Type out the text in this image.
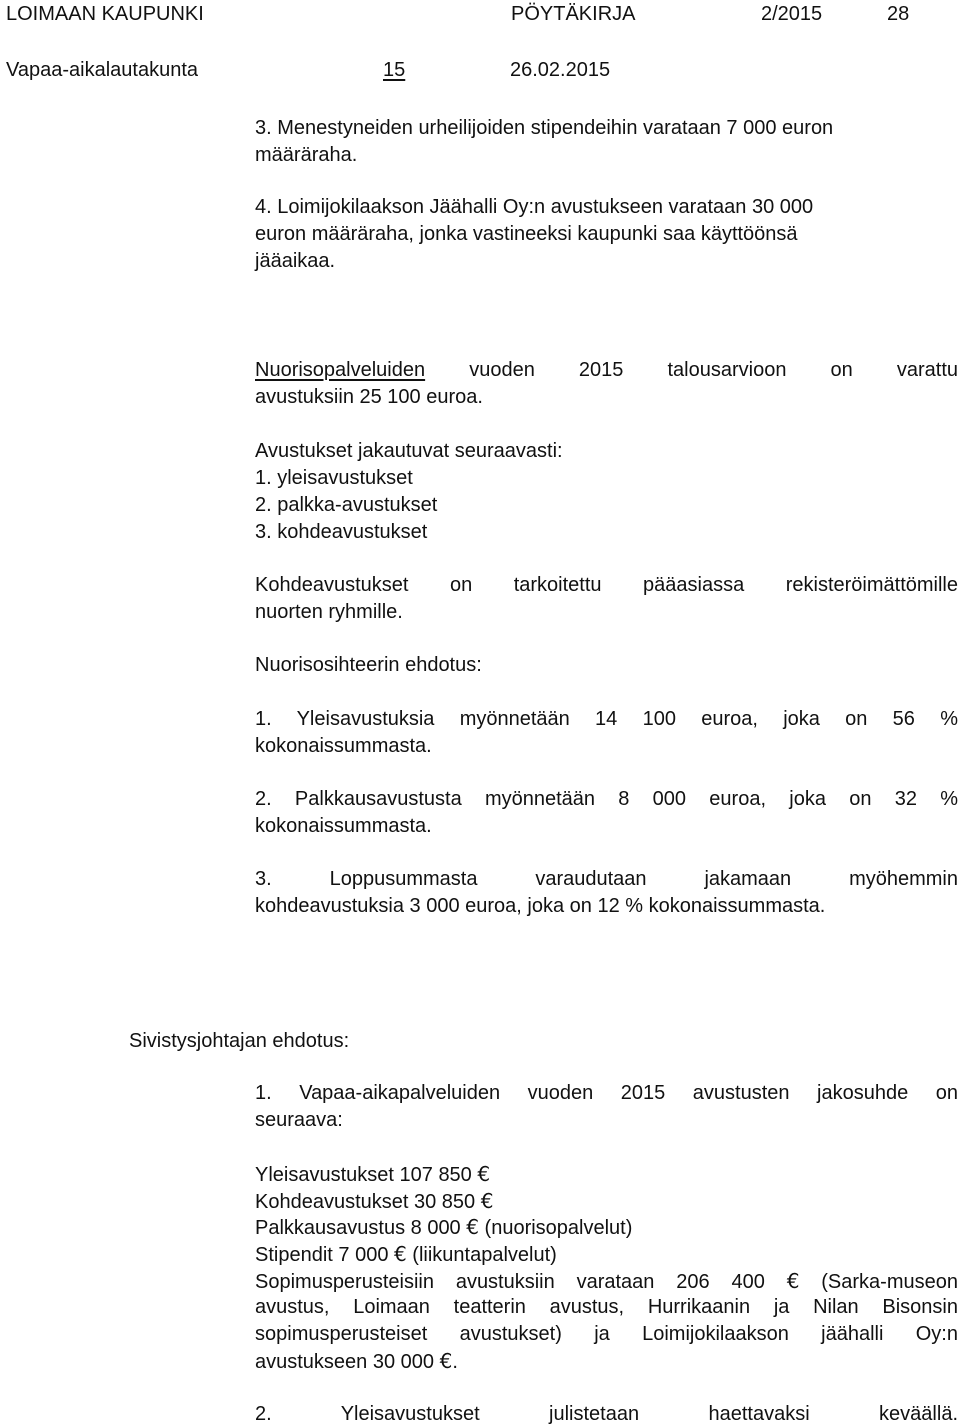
LOIMAAN KAUPUNKI	PÖYTÄKIRJA	2/2015	28
Vapaa-aikalautakunta	15	26.02.2015
3. Menestyneiden urheilijoiden stipendeihin varataan 7 000 euron
määräraha.
4. Loimijokilaakson Jäähalli Oy:n avustukseen varataan 30 000
euron määräraha, jonka vastineeksi kaupunki saa käyttöönsä
jääaikaa.
Nuorisopalveluiden vuoden 2015 talousarvioon on varattu
avustuksiin 25 100 euroa.
Avustukset jakautuvat seuraavasti:
1. yleisavustukset
2. palkka-avustukset
3. kohdeavustukset
Kohdeavustukset on tarkoitettu pääasiassa rekisteröimättömille
nuorten ryhmille.
Nuorisosihteerin ehdotus:
1. Yleisavustuksia myönnetään 14 100 euroa, joka on 56 %
kokonaissummasta.
2. Palkkausavustusta myönnetään 8 000 euroa, joka on 32 %
kokonaissummasta.
3. Loppusummasta varaudutaan jakamaan myöhemmin
kohdeavustuksia 3 000 euroa, joka on 12 % kokonaissummasta.
Sivistysjohtajan ehdotus:
1. Vapaa-aikapalveluiden vuoden 2015 avustusten jakosuhde on
seuraava:
Yleisavustukset 107 850 €
Kohdeavustukset 30 850 €
Palkkausavustus 8 000 € (nuorisopalvelut)
Stipendit 7 000 € (liikuntapalvelut)
Sopimusperusteisiin avustuksiin varataan 206 400 € (Sarka-museon
avustus, Loimaan teatterin avustus, Hurrikaanin ja Nilan Bisonsin
sopimusperusteiset avustukset) ja Loimijokilaakson jäähalli Oy:n
avustukseen 30 000 €.
2. Yleisavustukset julistetaan haettavaksi keväällä.
